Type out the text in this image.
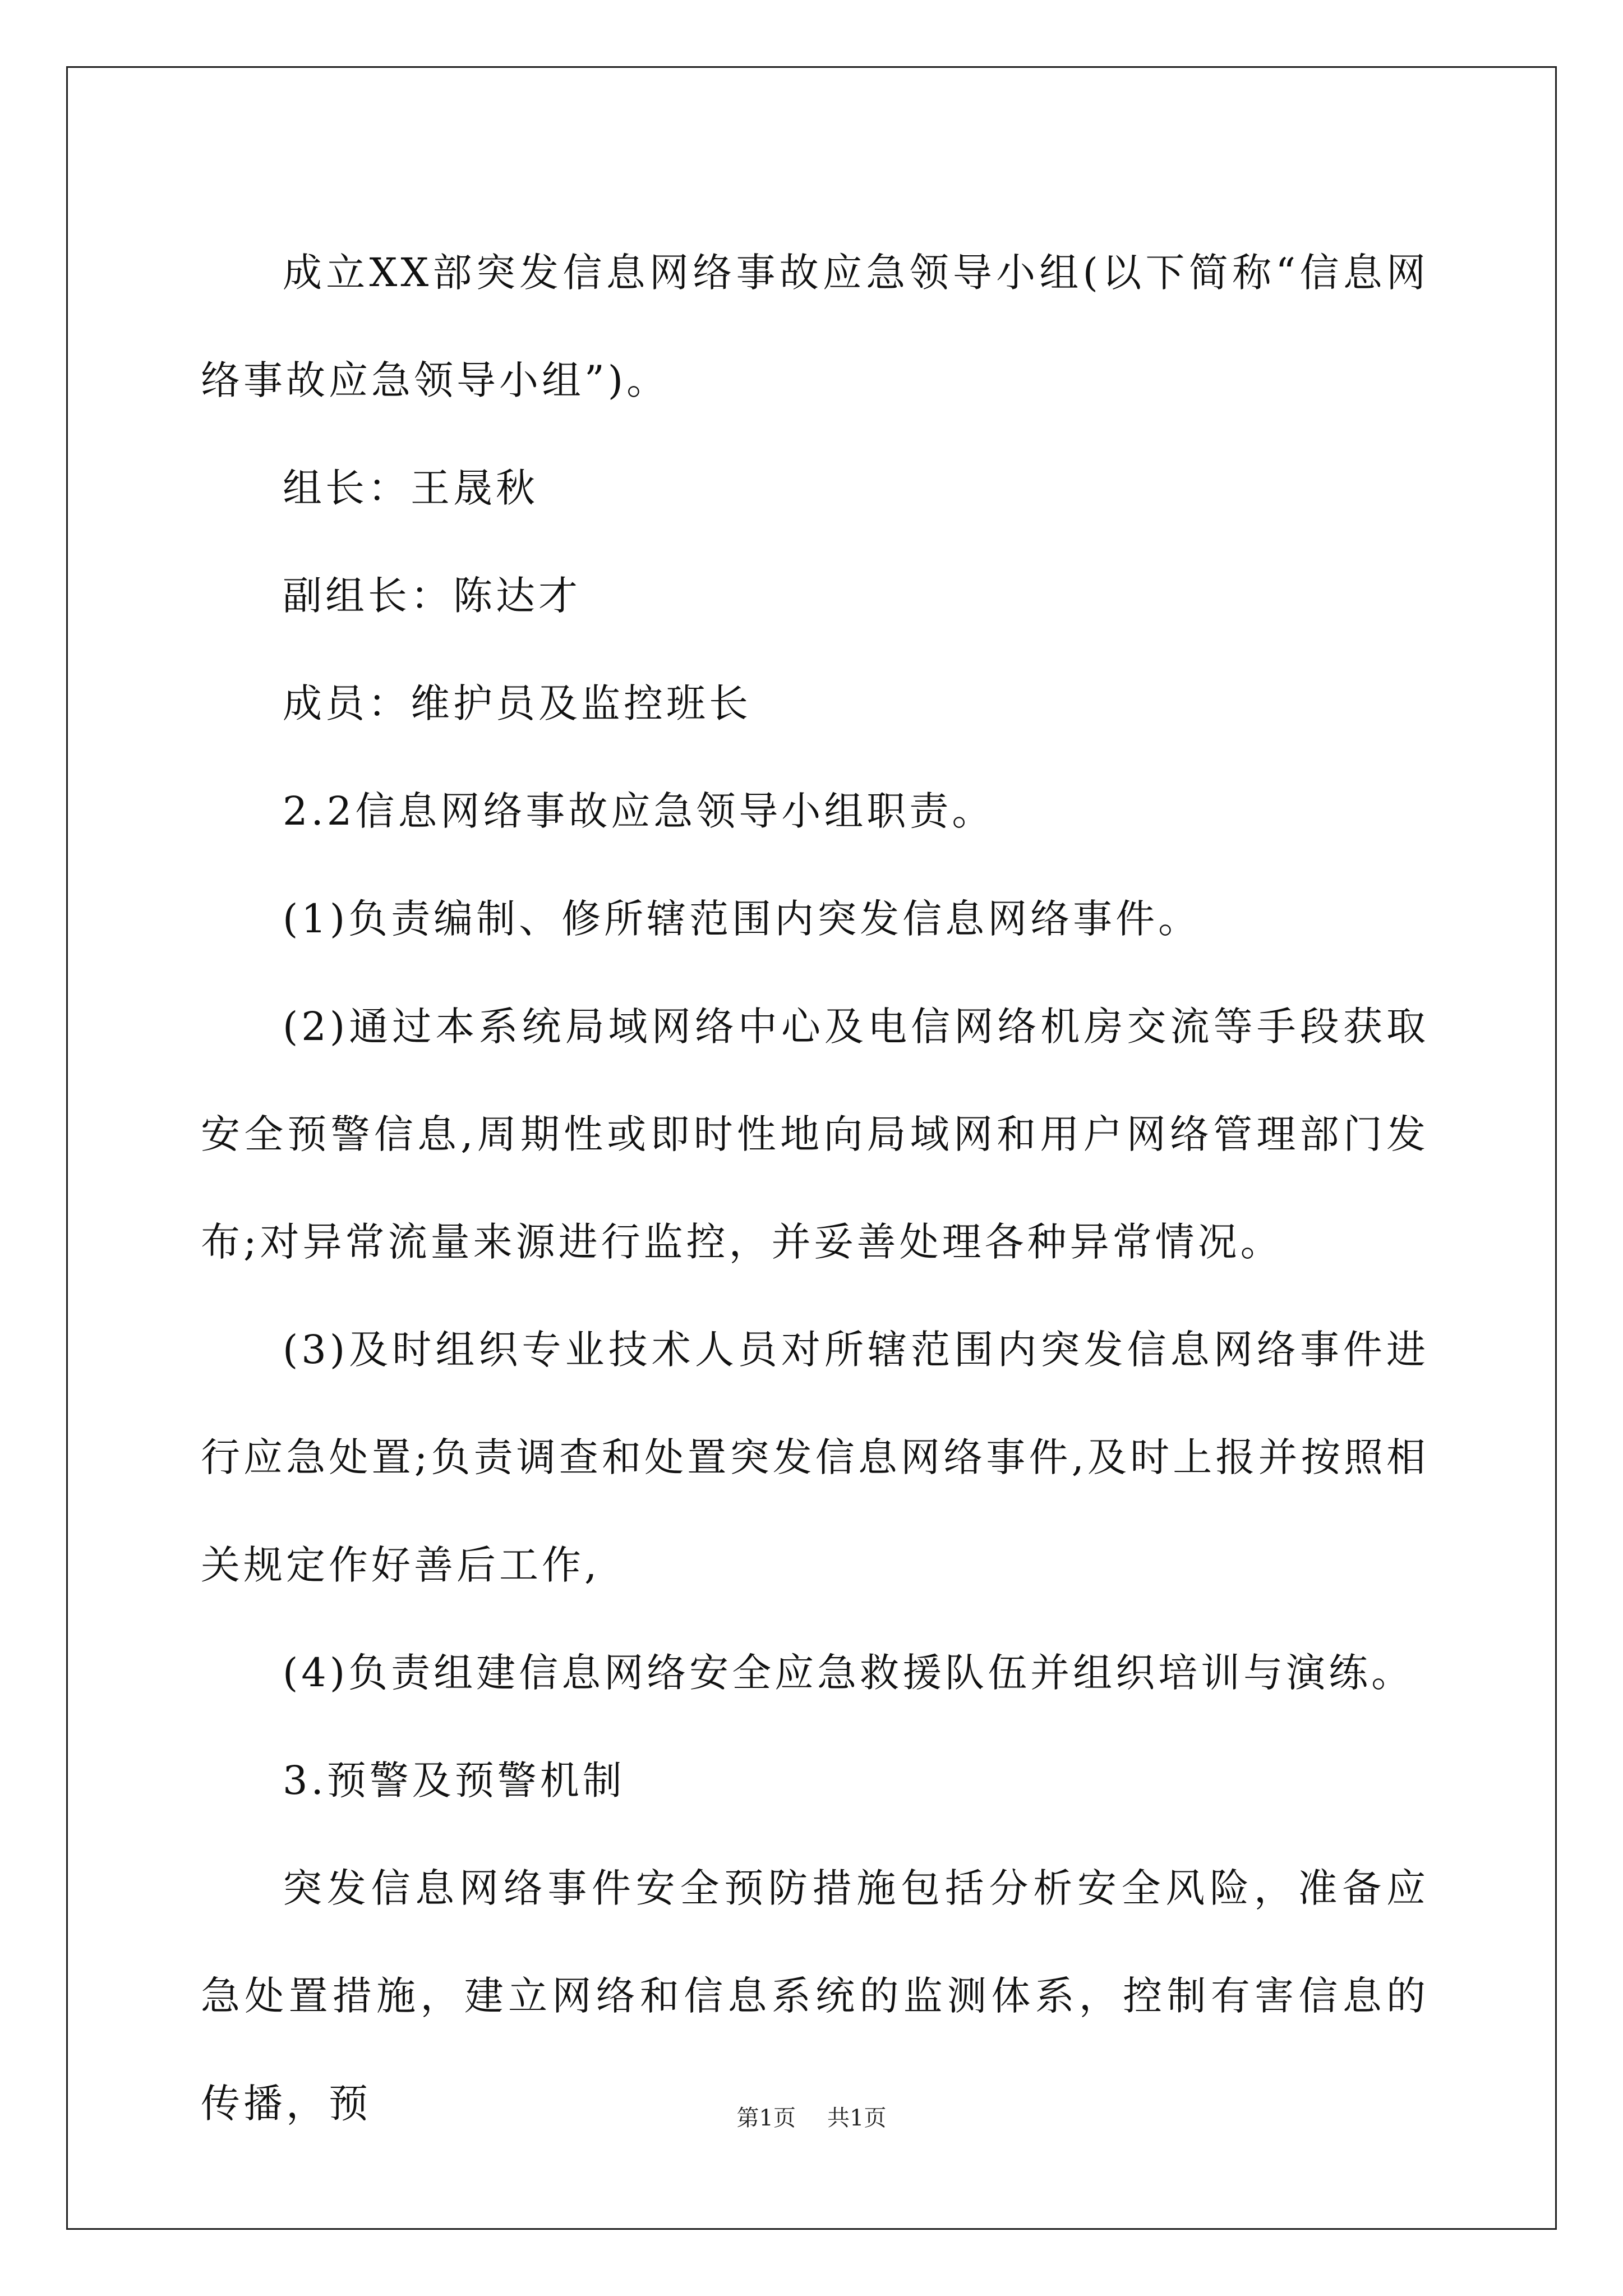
成立XX部突发信息网络事故应急领导小组(以下简称“信息网络事故应急领导小组”)。

组长：王晟秋

副组长：陈达才

成员：维护员及监控班长

2.2信息网络事故应急领导小组职责。

(1)负责编制、修所辖范围内突发信息网络事件。

(2)通过本系统局域网络中心及电信网络机房交流等手段获取安全预警信息,周期性或即时性地向局域网和用户网络管理部门发布;对异常流量来源进行监控，并妥善处理各种异常情况。

(3)及时组织专业技术人员对所辖范围内突发信息网络事件进行应急处置;负责调查和处置突发信息网络事件,及时上报并按照相关规定作好善后工作,

(4)负责组建信息网络安全应急救援队伍并组织培训与演练。

3.预警及预警机制

突发信息网络事件安全预防措施包括分析安全风险，准备应急处置措施，建立网络和信息系统的监测体系，控制有害信息的传播，预	第1页 共1页
